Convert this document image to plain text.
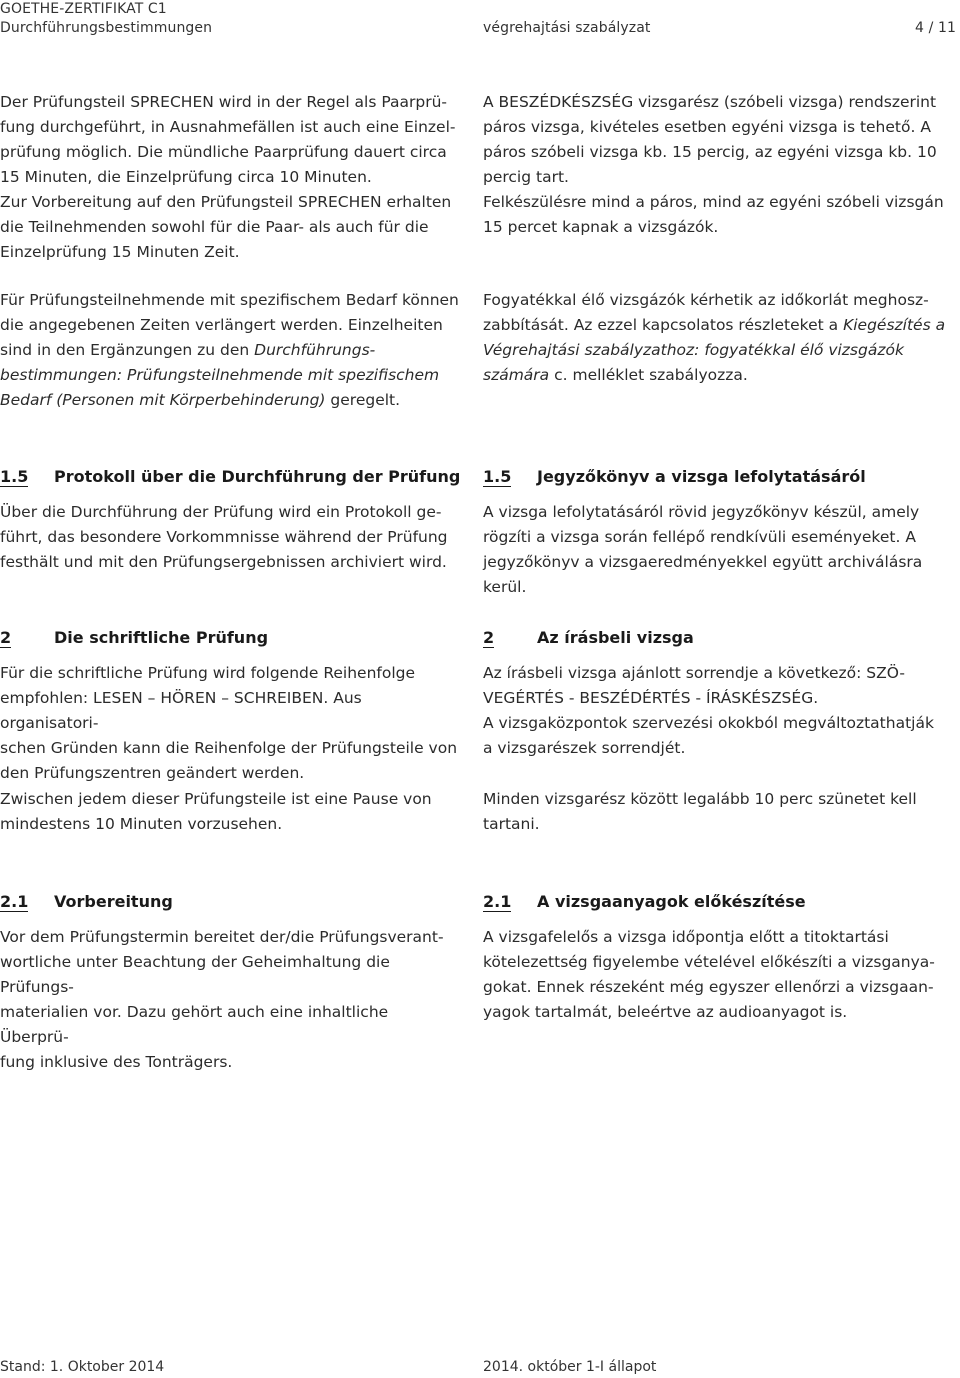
GOETHE-ZERTIFIKAT C1
Durchführungsbestimmungen	végrehajtási szabályzat	4 / 11

Der Prüfungsteil SPRECHEN wird in der Regel als Paarprü-

fung durchgeführt, in Ausnahmefällen ist auch eine Einzel-

prüfung möglich. Die mündliche Paarprüfung dauert circa

15 Minuten, die Einzelprüfung circa 10 Minuten.

Zur Vorbereitung auf den Prüfungsteil SPRECHEN erhalten

die Teilnehmenden sowohl für die Paar- als auch für die

Einzelprüfung 15 Minuten Zeit.

A BESZÉDKÉSZSÉG vizsgarész (szóbeli vizsga) rendszerint

páros vizsga, kivételes esetben egyéni vizsga is tehető. A

páros szóbeli vizsga kb. 15 percig, az egyéni vizsga kb. 10

percig tart.

Felkészülésre mind a páros, mind az egyéni szóbeli vizsgán

15 percet kapnak a vizsgázók.

Für Prüfungsteilnehmende mit spezifischem Bedarf können

die angegebenen Zeiten verlängert werden. Einzelheiten

sind in den Ergänzungen zu den Durchführungs-

bestimmungen: Prüfungsteilnehmende mit spezifischem

Bedarf (Personen mit Körperbehinderung) geregelt.

Fogyatékkal élő vizsgázók kérhetik az időkorlát meghosz-

zabbítását. Az ezzel kapcsolatos részleteket a Kiegészítés a

Végrehajtási szabályzathoz: fogyatékkal élő vizsgázók

számára c. melléklet szabályozza.

1.5 Protokoll über die Durchführung der Prüfung 1.5 Jegyzőkönyv a vizsga lefolytatásáról

Über die Durchführung der Prüfung wird ein Protokoll ge-

führt, das besondere Vorkommnisse während der Prüfung

festhält und mit den Prüfungsergebnissen archiviert wird.

A vizsga lefolytatásáról rövid jegyzőkönyv készül, amely

rögzíti a vizsga során fellépő rendkívüli eseményeket. A

jegyzőkönyv a vizsgaeredményekkel együtt archiválásra

kerül.

2	Die schriftliche Prüfung	2	Az írásbeli vizsga

Für die schriftliche Prüfung wird folgende Reihenfolge

empfohlen: LESEN – HÖREN – SCHREIBEN. Aus organisatori-

schen Gründen kann die Reihenfolge der Prüfungsteile von

den Prüfungszentren geändert werden.

Az írásbeli vizsga ajánlott sorrendje a következő: SZÖ-

VEGÉRTÉS - BESZÉDÉRTÉS - ÍRÁSKÉSZSÉG.

A vizsgaközpontok szervezési okokból megváltoztathatják

a vizsgarészek sorrendjét.

Zwischen jedem dieser Prüfungsteile ist eine Pause von

mindestens 10 Minuten vorzusehen.

Minden vizsgarész között legalább 10 perc szünetet kell

tartani.

2.1 Vorbereitung	2.1 A vizsgaanyagok előkészítése

Vor dem Prüfungstermin bereitet der/die Prüfungsverant-

wortliche unter Beachtung der Geheimhaltung die Prüfungs-

materialien vor. Dazu gehört auch eine inhaltliche Überprü-

fung inklusive des Tonträgers.

A vizsgafelelős a vizsga időpontja előtt a titoktartási

kötelezettség figyelembe vételével előkészíti a vizsganya-

gokat. Ennek részeként még egyszer ellenőrzi a vizsgaan-

yagok tartalmát, beleértve az audioanyagot is.

Stand: 1. Oktober 2014	2014. október 1-I állapot
